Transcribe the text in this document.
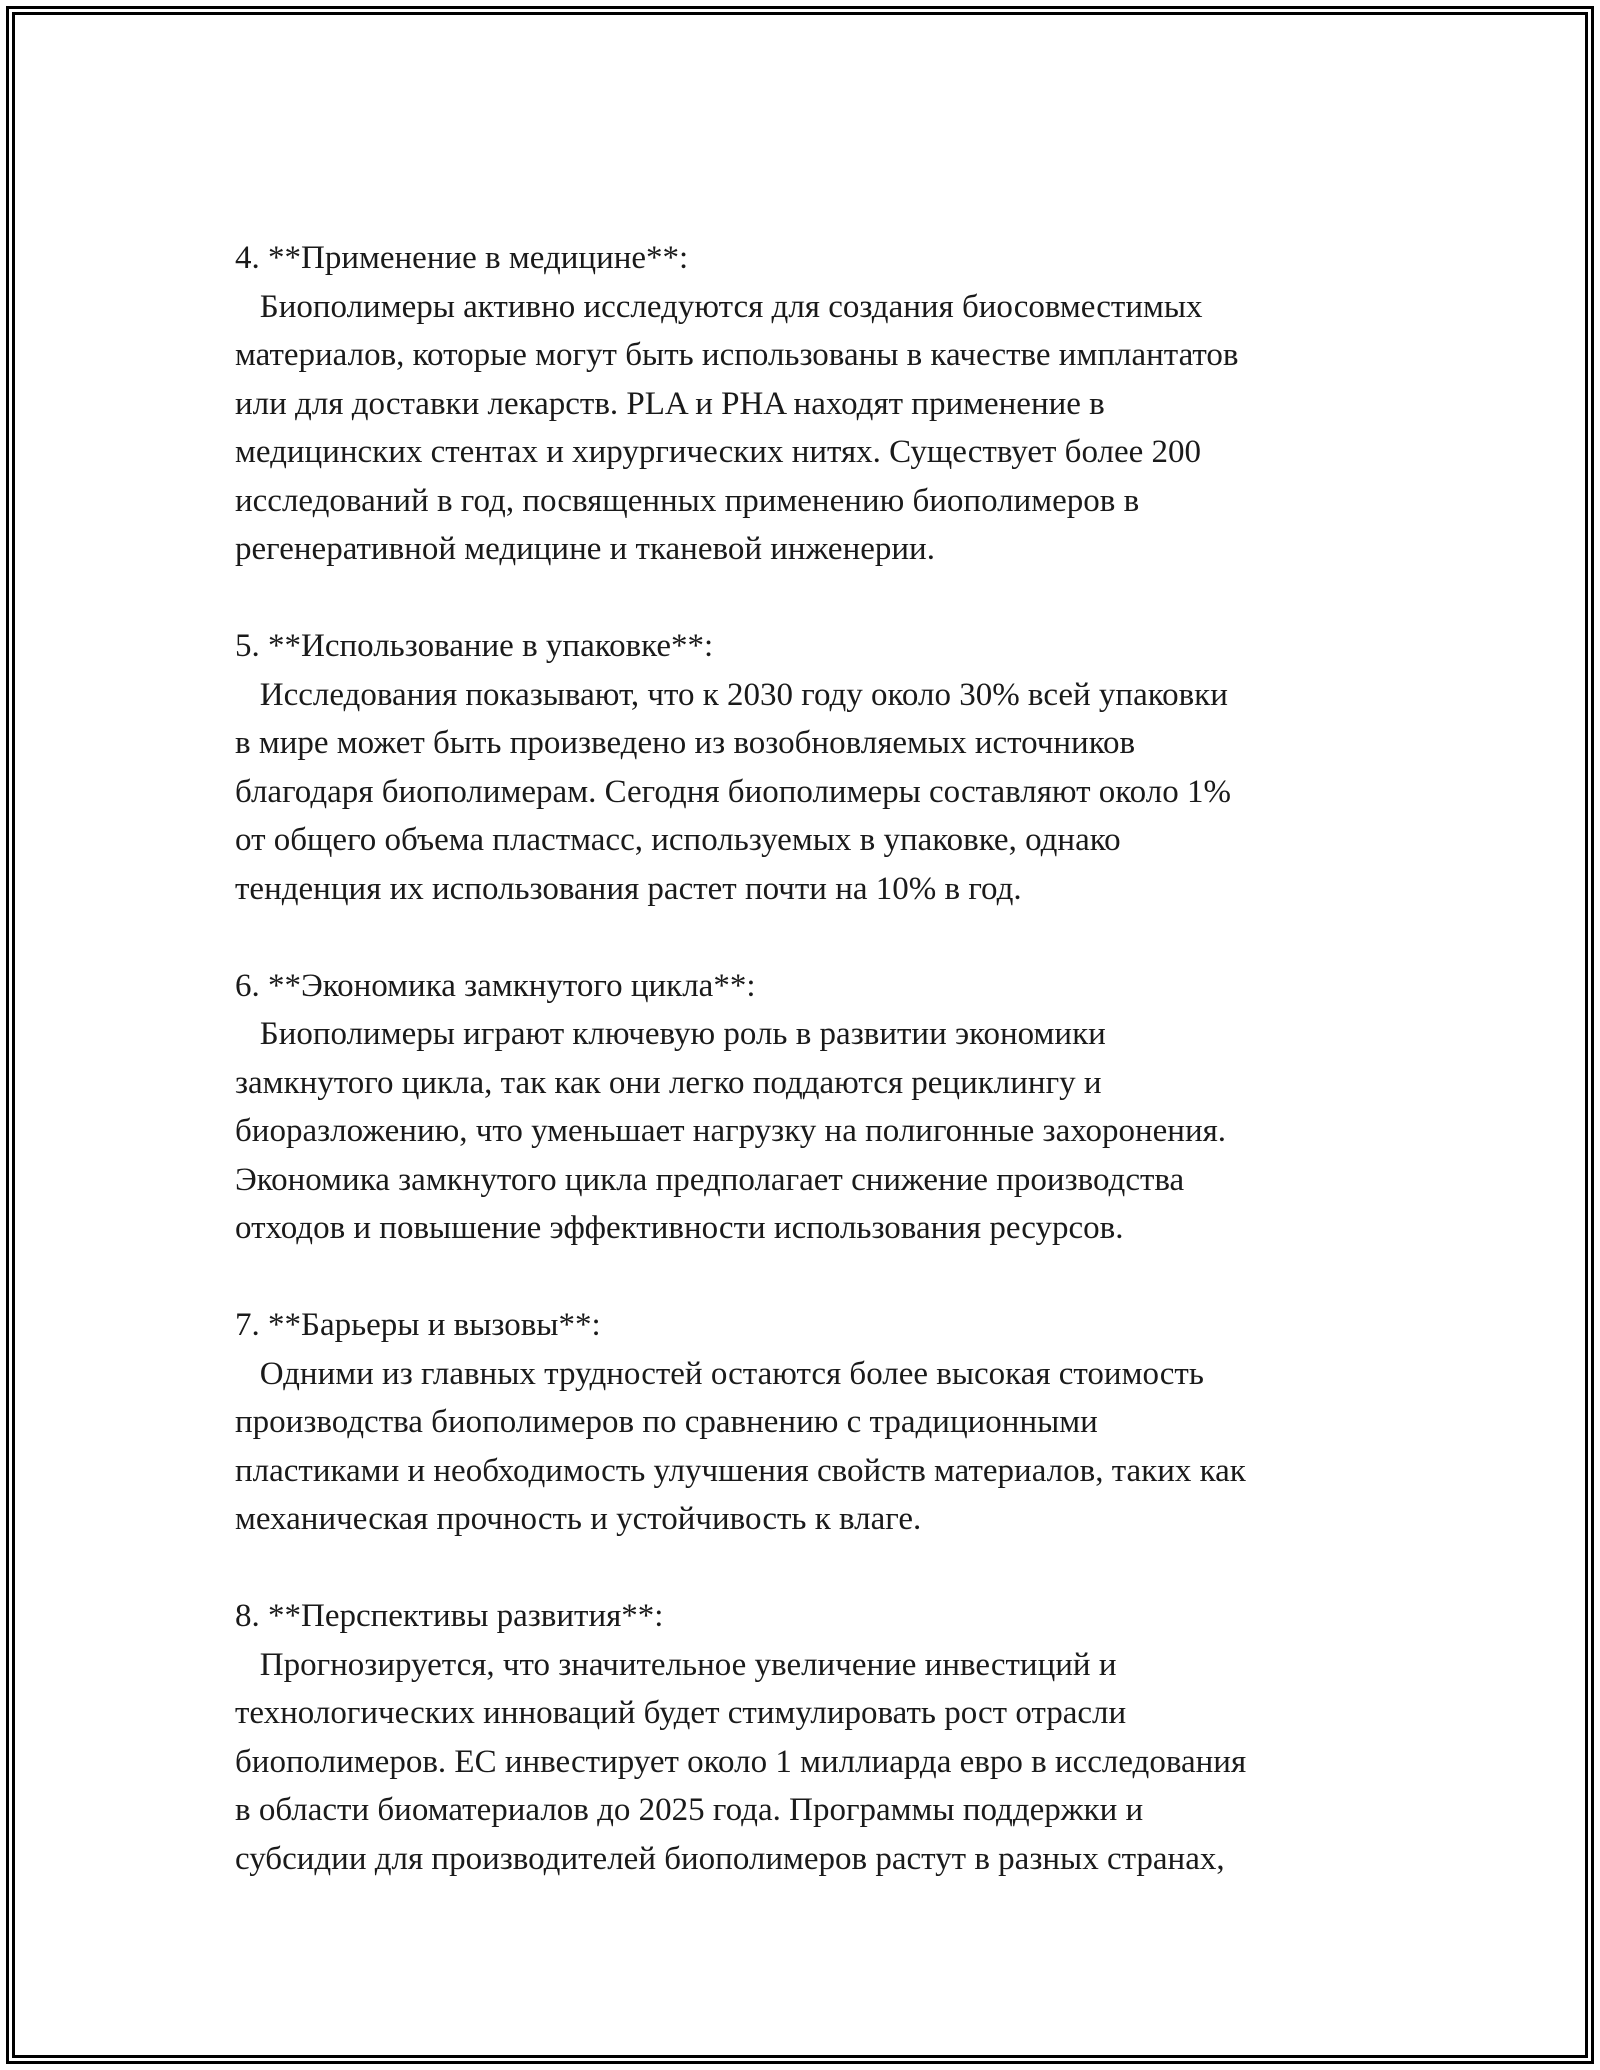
4. **Применение в медицине**:
Биополимеры активно исследуются для создания биосовместимых
материалов, которые могут быть использованы в качестве имплантатов
или для доставки лекарств. PLA и PHA находят применение в
медицинских стентах и хирургических нитях. Существует более 200
исследований в год, посвященных применению биополимеров в
регенеративной медицине и тканевой инженерии.
5. **Использование в упаковке**:
Исследования показывают, что к 2030 году около 30% всей упаковки
в мире может быть произведено из возобновляемых источников
благодаря биополимерам. Сегодня биополимеры составляют около 1%
от общего объема пластмасс, используемых в упаковке, однако
тенденция их использования растет почти на 10% в год.
6. **Экономика замкнутого цикла**:
Биополимеры играют ключевую роль в развитии экономики
замкнутого цикла, так как они легко поддаются рециклингу и
биоразложению, что уменьшает нагрузку на полигонные захоронения.
Экономика замкнутого цикла предполагает снижение производства
отходов и повышение эффективности использования ресурсов.
7. **Барьеры и вызовы**:
Одними из главных трудностей остаются более высокая стоимость
производства биополимеров по сравнению с традиционными
пластиками и необходимость улучшения свойств материалов, таких как
механическая прочность и устойчивость к влаге.
8. **Перспективы развития**:
Прогнозируется, что значительное увеличение инвестиций и
технологических инноваций будет стимулировать рост отрасли
биополимеров. ЕС инвестирует около 1 миллиарда евро в исследования
в области биоматериалов до 2025 года. Программы поддержки и
субсидии для производителей биополимеров растут в разных странах,
